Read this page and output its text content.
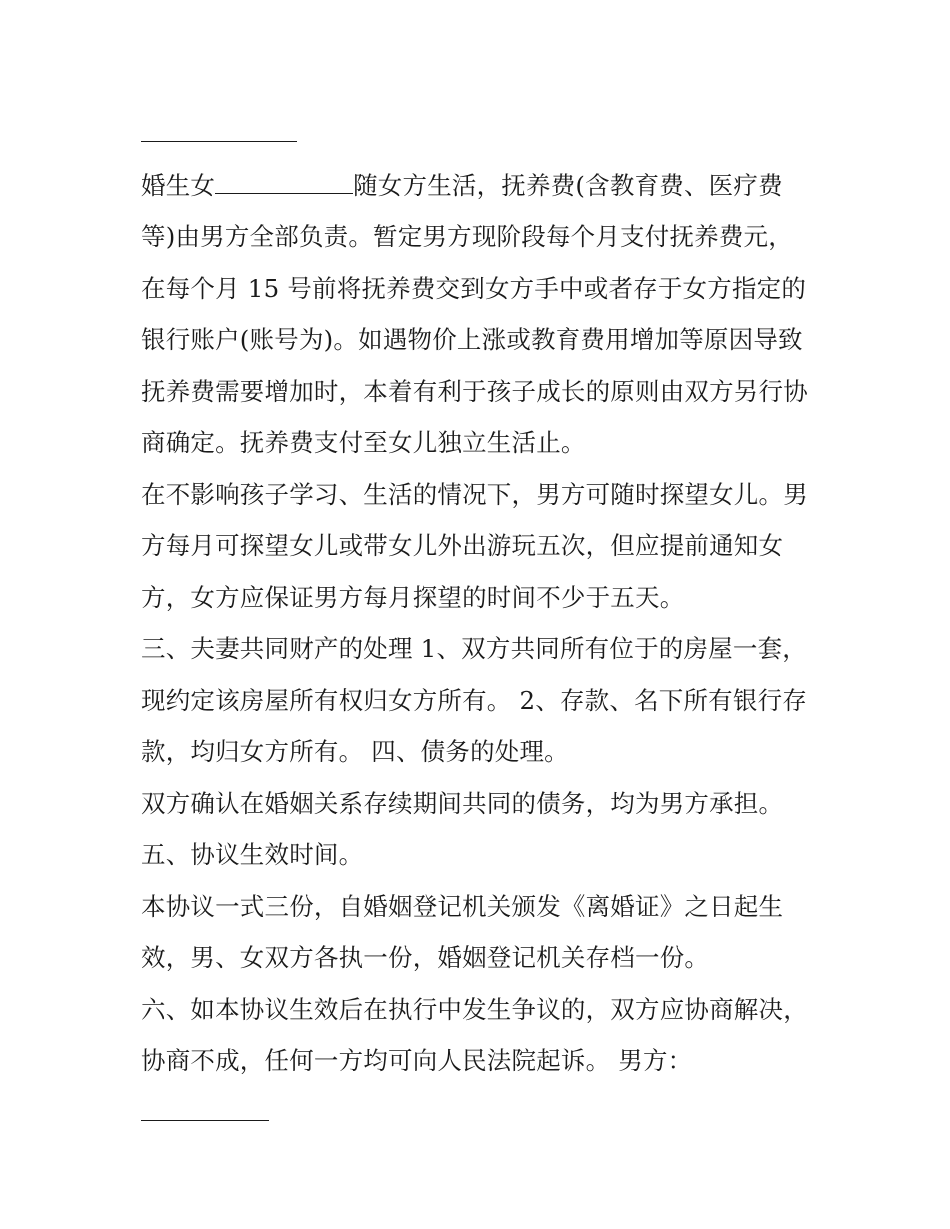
婚生女	随女方生活，抚养费(含教育费、医疗费
等)由男方全部负责。暂定男方现阶段每个月支付抚养费元，
在每个月 15 号前将抚养费交到女方手中或者存于女方指定的
银行账户(账号为)。如遇物价上涨或教育费用增加等原因导致
抚养费需要增加时，本着有利于孩子成长的原则由双方另行协
商确定。抚养费支付至女儿独立生活止。
在不影响孩子学习、生活的情况下，男方可随时探望女儿。男
方每月可探望女儿或带女儿外出游玩五次，但应提前通知女
方，女方应保证男方每月探望的时间不少于五天。
三、夫妻共同财产的处理 1、双方共同所有位于的房屋一套，
现约定该房屋所有权归女方所有。 2、存款、名下所有银行存
款，均归女方所有。 四、债务的处理。
双方确认在婚姻关系存续期间共同的债务，均为男方承担。
五、协议生效时间。
本协议一式三份，自婚姻登记机关颁发《离婚证》之日起生
效，男、女双方各执一份，婚姻登记机关存档一份。
六、如本协议生效后在执行中发生争议的，双方应协商解决，
协商不成，任何一方均可向人民法院起诉。 男方：
